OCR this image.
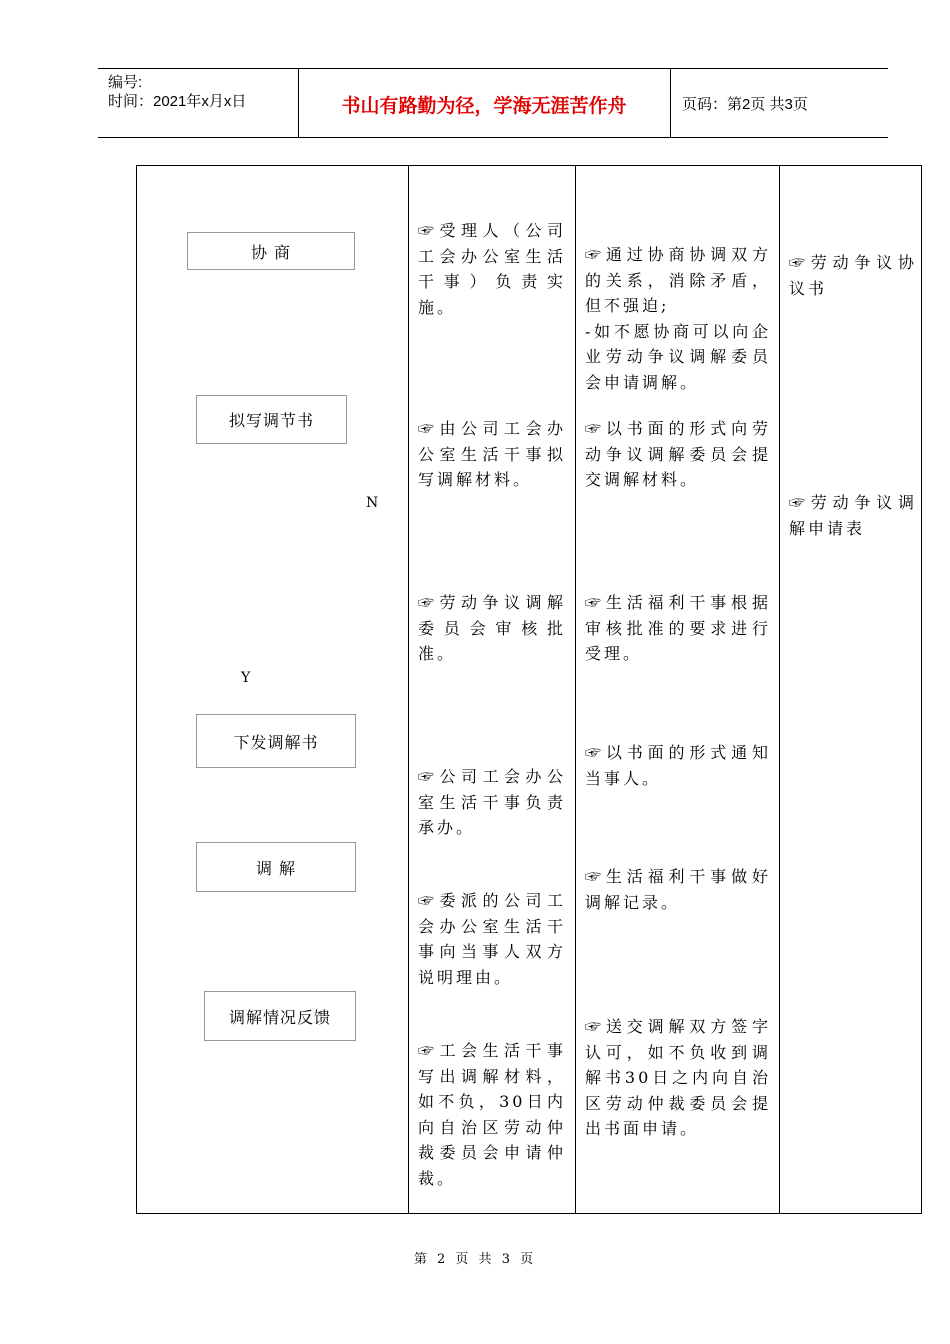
编号:
时间：2021年x月x日	书山有路勤为径，学海无涯苦作舟	页码：第2页 共3页
协 商
拟写调节书
N
Y
下发调解书
调 解
调解情况反馈
☞受理人（公司工会办公室生活干事）负责实施。
☞由公司工会办公室生活干事拟写调解材料。
☞劳动争议调解委员会审核批准。
☞公司工会办公室生活干事负责承办。
☞委派的公司工会办公室生活干事向当事人双方说明理由。
☞工会生活干事写出调解材料，如不负，30日内向自治区劳动仲裁委员会申请仲裁。
☞通过协商协调双方的关系，消除矛盾，但不强迫;
-如不愿协商可以向企业劳动争议调解委员会申请调解。
☞以书面的形式向劳动争议调解委员会提交调解材料。
☞生活福利干事根据审核批准的要求进行受理。
☞以书面的形式通知当事人。
☞生活福利干事做好调解记录。
☞送交调解双方签字认可，如不负收到调解书30日之内向自治区劳动仲裁委员会提出书面申请。
☞劳动争议协议书
☞劳动争议调解申请表
第 2 页 共 3 页
